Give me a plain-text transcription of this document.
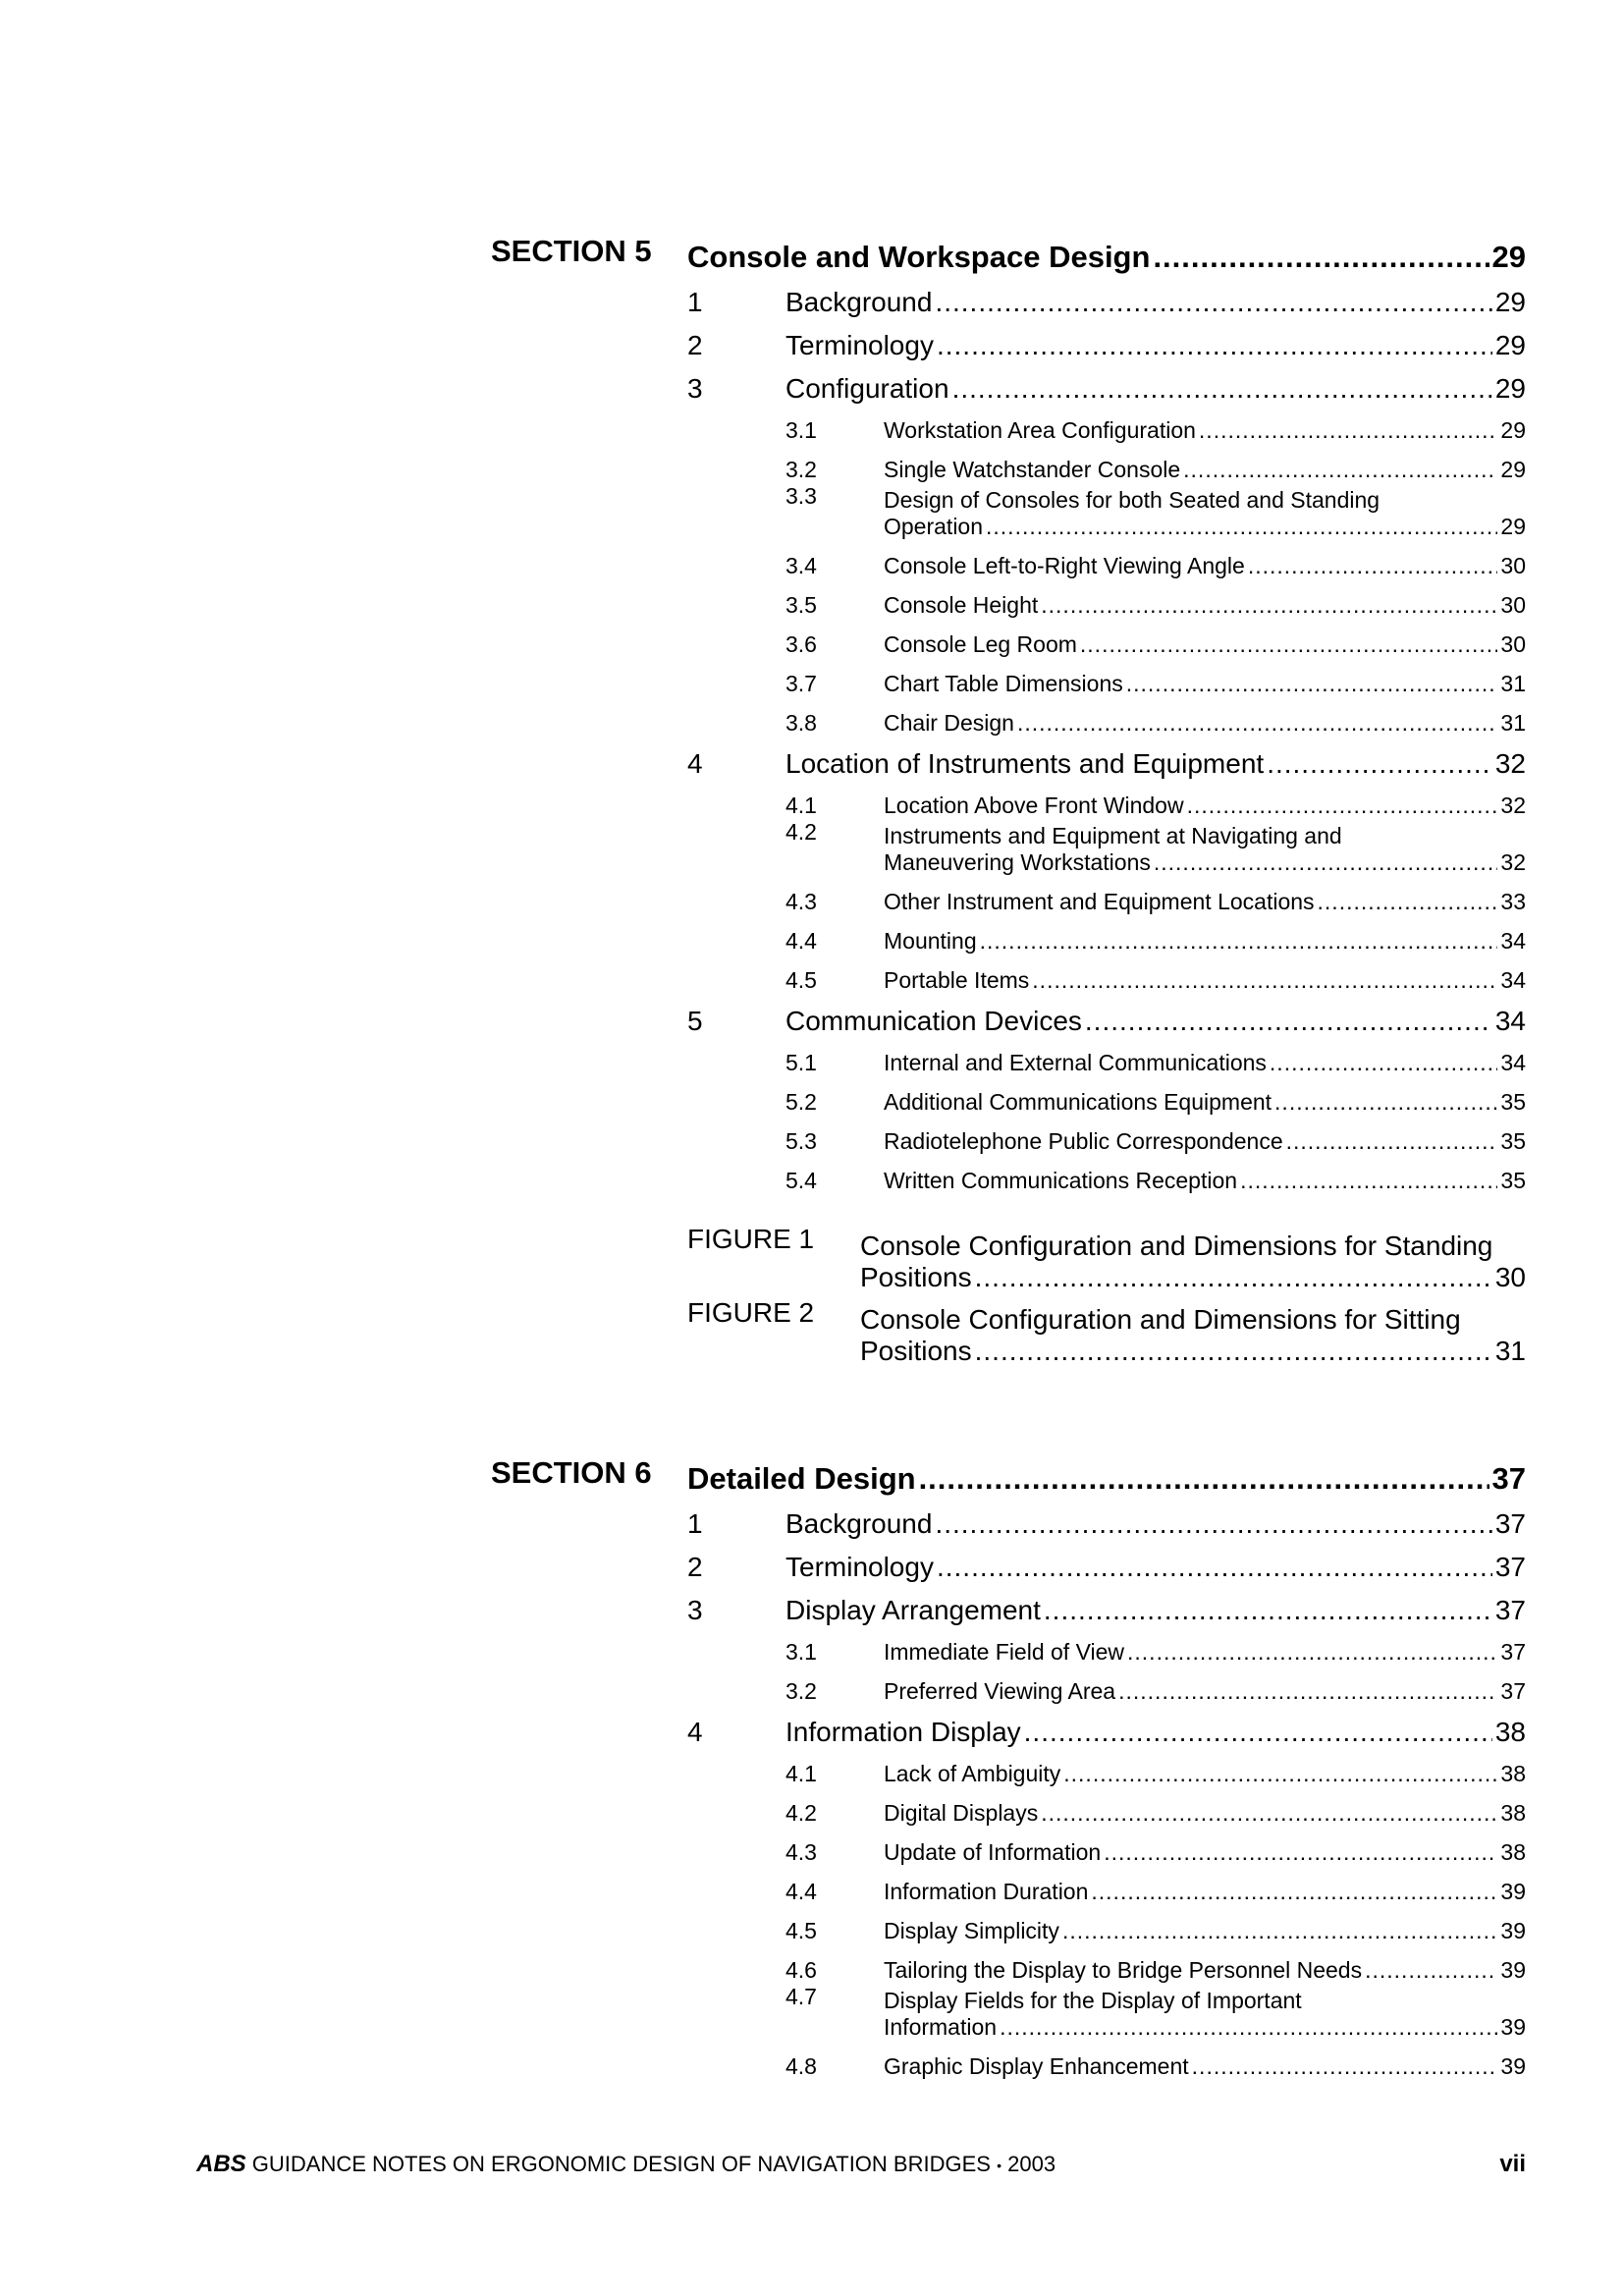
SECTION 5 Console and Workspace Design .....	29
1	Background .....	29
2	Terminology .....	29
3	Configuration .....	29
3.1	Workstation Area Configuration .....	29
3.2	Single Watchstander Console .....	29
3.3	Design of Consoles for both Seated and Standing
Operation .....	29
3.4	Console Left-to-Right Viewing Angle .....	30
3.5	Console Height .....	30
3.6	Console Leg Room .....	30
3.7	Chart Table Dimensions .....	31
3.8	Chair Design .....	31
4	Location of Instruments and Equipment .....	32
4.1	Location Above Front Window .....	32
4.2	Instruments and Equipment at Navigating and
Maneuvering Workstations .....	32
4.3	Other Instrument and Equipment Locations .....	33
4.4	Mounting .....	34
4.5	Portable Items .....	34
5	Communication Devices .....	34
5.1	Internal and External Communications .....	34
5.2	Additional Communications Equipment .....	35
5.3	Radiotelephone Public Correspondence .....	35
5.4	Written Communications Reception .....	35
FIGURE 1	Console Configuration and Dimensions for Standing
Positions .....	30
FIGURE 2	Console Configuration and Dimensions for Sitting
Positions .....	31
SECTION 6 Detailed Design .....	37
1	Background .....	37
2	Terminology .....	37
3	Display Arrangement .....	37
3.1	Immediate Field of View .....	37
3.2	Preferred Viewing Area .....	37
4	Information Display .....	38
4.1	Lack of Ambiguity .....	38
4.2	Digital Displays .....	38
4.3	Update of Information .....	38
4.4	Information Duration .....	39
4.5	Display Simplicity .....	39
4.6	Tailoring the Display to Bridge Personnel Needs .....	39
4.7	Display Fields for the Display of Important
Information .....	39
4.8	Graphic Display Enhancement .....	39
ABS GUIDANCE NOTES ON ERGONOMIC DESIGN OF NAVIGATION BRIDGES • 2003	vii
